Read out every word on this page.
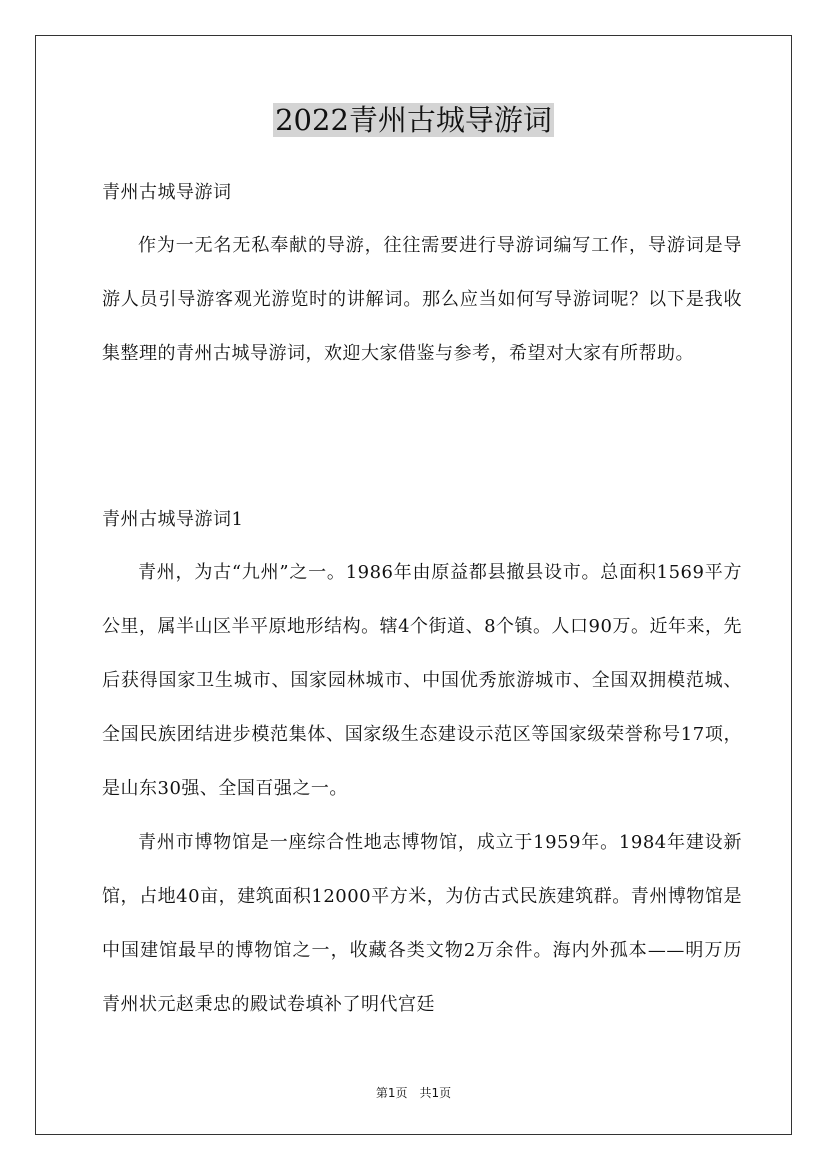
2022青州古城导游词

青州古城导游词

作为一无名无私奉献的导游，往往需要进行导游词编写工作，导游词是导游人员引导游客观光游览时的讲解词。那么应当如何写导游词呢？以下是我收集整理的青州古城导游词，欢迎大家借鉴与参考，希望对大家有所帮助。

青州古城导游词1

青州，为古“九州”之一。1986年由原益都县撤县设市。总面积1569平方公里，属半山区半平原地形结构。辖4个街道、8个镇。人口90万。近年来，先后获得国家卫生城市、国家园林城市、中国优秀旅游城市、全国双拥模范城、全国民族团结进步模范集体、国家级生态建设示范区等国家级荣誉称号17项，是山东30强、全国百强之一。

青州市博物馆是一座综合性地志博物馆，成立于1959年。1984年建设新馆，占地40亩，建筑面积12000平方米，为仿古式民族建筑群。青州博物馆是中国建馆最早的博物馆之一，收藏各类文物2万余件。海内外孤本——明万历青州状元赵秉忠的殿试卷填补了明代宫廷

第1页　共1页
